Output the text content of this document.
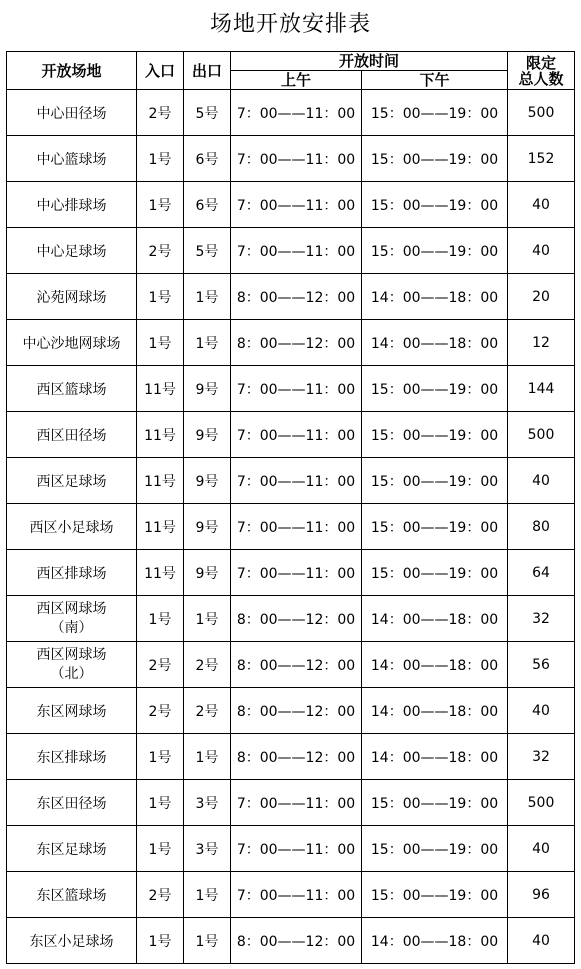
场地开放安排表
开放场地	入口	出口	开放时间		限定
总人数
			上午	下午	
中心田径场	2号	5号	7：00——11：00	15：00——19：00	500
中心篮球场	1号	6号	7：00——11：00	15：00——19：00	152
中心排球场	1号	6号	7：00——11：00	15：00——19：00	40
中心足球场	2号	5号	7：00——11：00	15：00——19：00	40
沁苑网球场	1号	1号	8：00——12：00	14：00——18：00	20
中心沙地网球场	1号	1号	8：00——12：00	14：00——18：00	12
西区篮球场	11号	9号	7：00——11：00	15：00——19：00	144
西区田径场	11号	9号	7：00——11：00	15：00——19：00	500
西区足球场	11号	9号	7：00——11：00	15：00——19：00	40
西区小足球场	11号	9号	7：00——11：00	15：00——19：00	80
西区排球场	11号	9号	7：00——11：00	15：00——19：00	64
西区网球场
（南）	1号	1号	8：00——12：00	14：00——18：00	32
西区网球场
（北）	2号	2号	8：00——12：00	14：00——18：00	56
东区网球场	2号	2号	8：00——12：00	14：00——18：00	40
东区排球场	1号	1号	8：00——12：00	14：00——18：00	32
东区田径场	1号	3号	7：00——11：00	15：00——19：00	500
东区足球场	1号	3号	7：00——11：00	15：00——19：00	40
东区篮球场	2号	1号	7：00——11：00	15：00——19：00	96
东区小足球场	1号	1号	8：00——12：00	14：00——18：00	40
